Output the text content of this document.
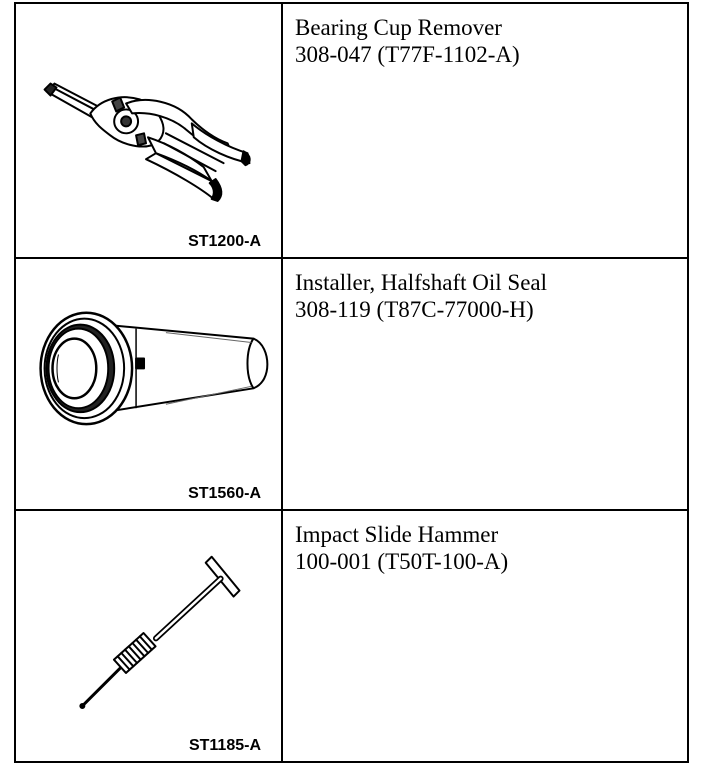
ST1200-A	Bearing Cup Remover
308-047 (T77F-1102-A)

ST1560-A	Installer, Halfshaft Oil Seal
308-119 (T87C-77000-H)

ST1185-A	Impact Slide Hammer
100-001 (T50T-100-A)
